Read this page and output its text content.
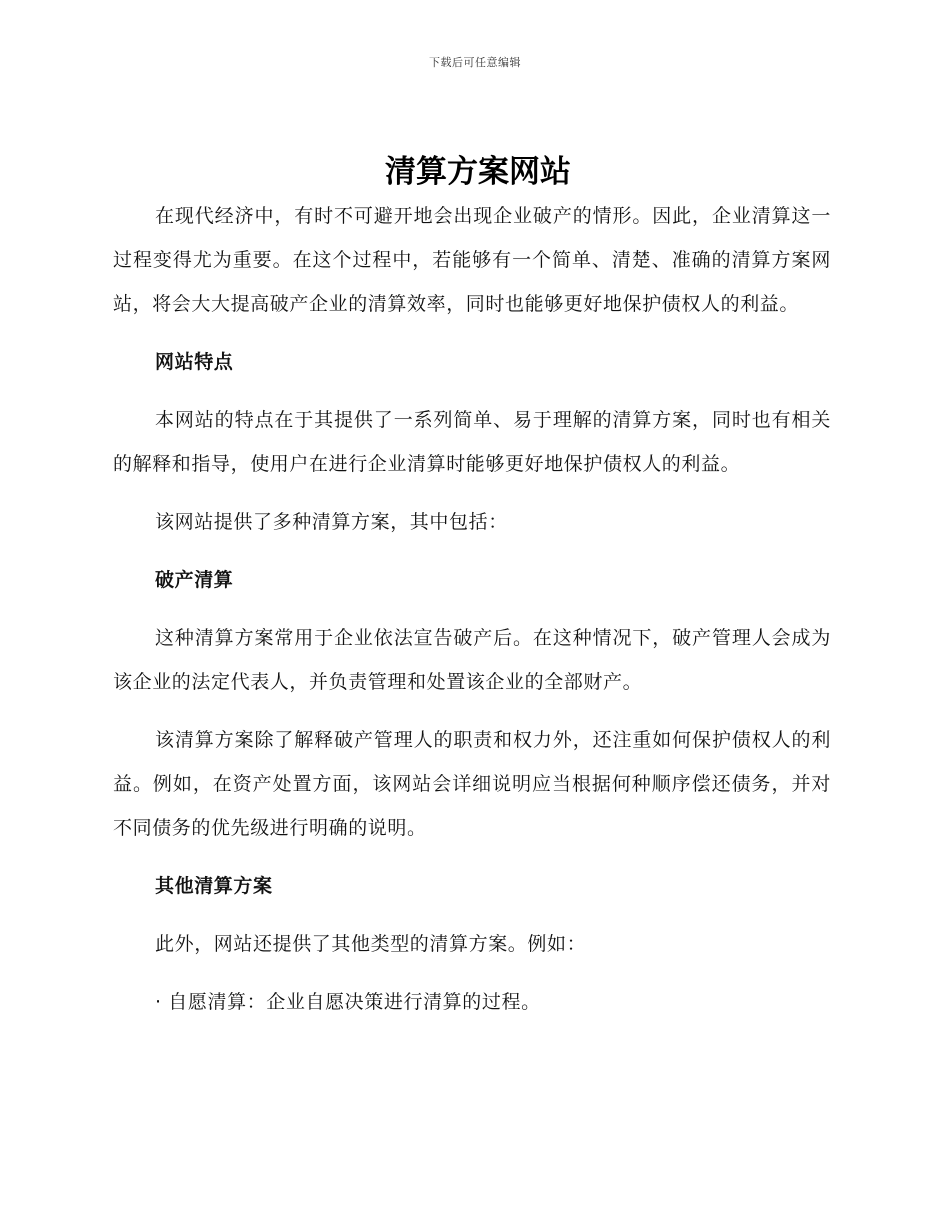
下载后可任意编辑
清算方案网站

在现代经济中，有时不可避开地会出现企业破产的情形。因此，企业清算这一过程变得尤为重要。在这个过程中，若能够有一个简单、清楚、准确的清算方案网站，将会大大提高破产企业的清算效率，同时也能够更好地保护债权人的利益。

网站特点

本网站的特点在于其提供了一系列简单、易于理解的清算方案，同时也有相关的解释和指导，使用户在进行企业清算时能够更好地保护债权人的利益。

该网站提供了多种清算方案，其中包括：

破产清算

这种清算方案常用于企业依法宣告破产后。在这种情况下，破产管理人会成为该企业的法定代表人，并负责管理和处置该企业的全部财产。

该清算方案除了解释破产管理人的职责和权力外，还注重如何保护债权人的利益。例如，在资产处置方面，该网站会详细说明应当根据何种顺序偿还债务，并对不同债务的优先级进行明确的说明。

其他清算方案

此外，网站还提供了其他类型的清算方案。例如：

· 自愿清算：企业自愿决策进行清算的过程。
